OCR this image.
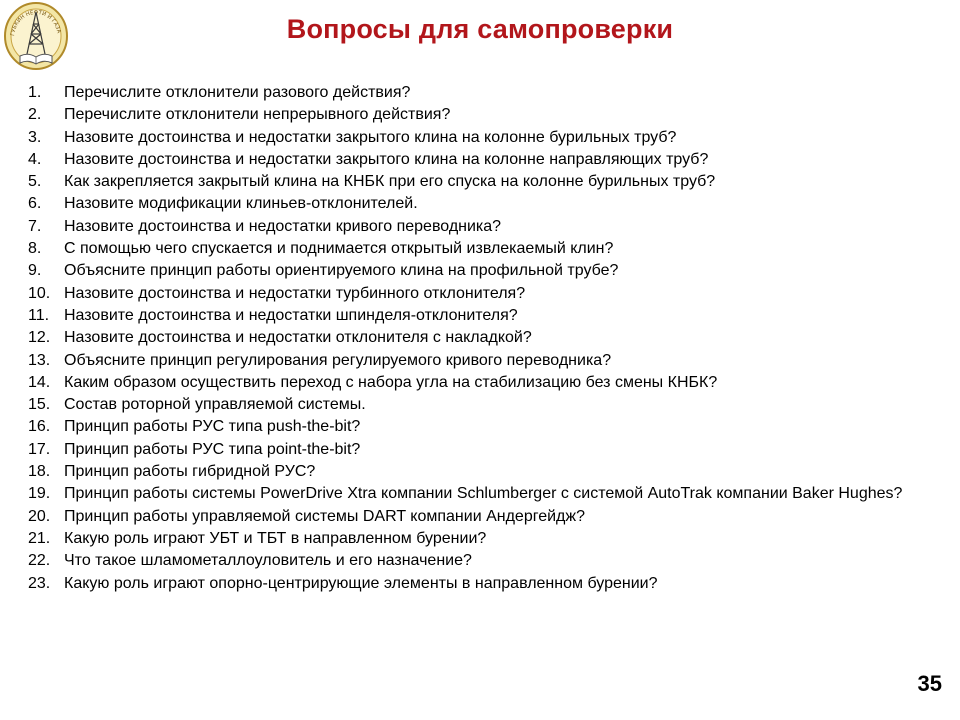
ГУБКИН НЕФТИ И ГАЗА	Вопросы для самопроверки
1.	Перечислите отклонители разового действия?
2.	Перечислите отклонители непрерывного действия?
3.	Назовите достоинства и недостатки закрытого клина на колонне бурильных труб?
4.	Назовите достоинства и недостатки закрытого клина на колонне направляющих труб?
5.	Как закрепляется закрытый клина на КНБК при его спуска на колонне бурильных труб?
6.	Назовите модификации клиньев-отклонителей.
7.	Назовите достоинства и недостатки кривого переводника?
8.	С помощью чего спускается и поднимается открытый извлекаемый клин?
9.	Объясните принцип работы ориентируемого клина на профильной трубе?
10. Назовите достоинства и недостатки турбинного отклонителя?
11. Назовите достоинства и недостатки шпинделя-отклонителя?
12. Назовите достоинства и недостатки отклонителя с накладкой?
13. Объясните принцип регулирования регулируемого кривого переводника?
14. Каким образом осуществить переход с набора угла на стабилизацию без смены КНБК?
15. Состав роторной управляемой системы.
16. Принцип работы РУС типа push-the-bit?
17. Принцип работы РУС типа point-the-bit?
18. Принцип работы гибридной РУС?
19. Принцип работы системы PowerDrive Xtra компании Schlumberger с системой AutoTrak компании Baker Hughes?
20. Принцип работы управляемой системы DART компании Андергейдж?
21. Какую роль играют УБТ и ТБТ в направленном бурении?
22. Что такое шламометаллоуловитель и его назначение?
23. Какую роль играют опорно-центрирующие элементы в направленном бурении?
35
